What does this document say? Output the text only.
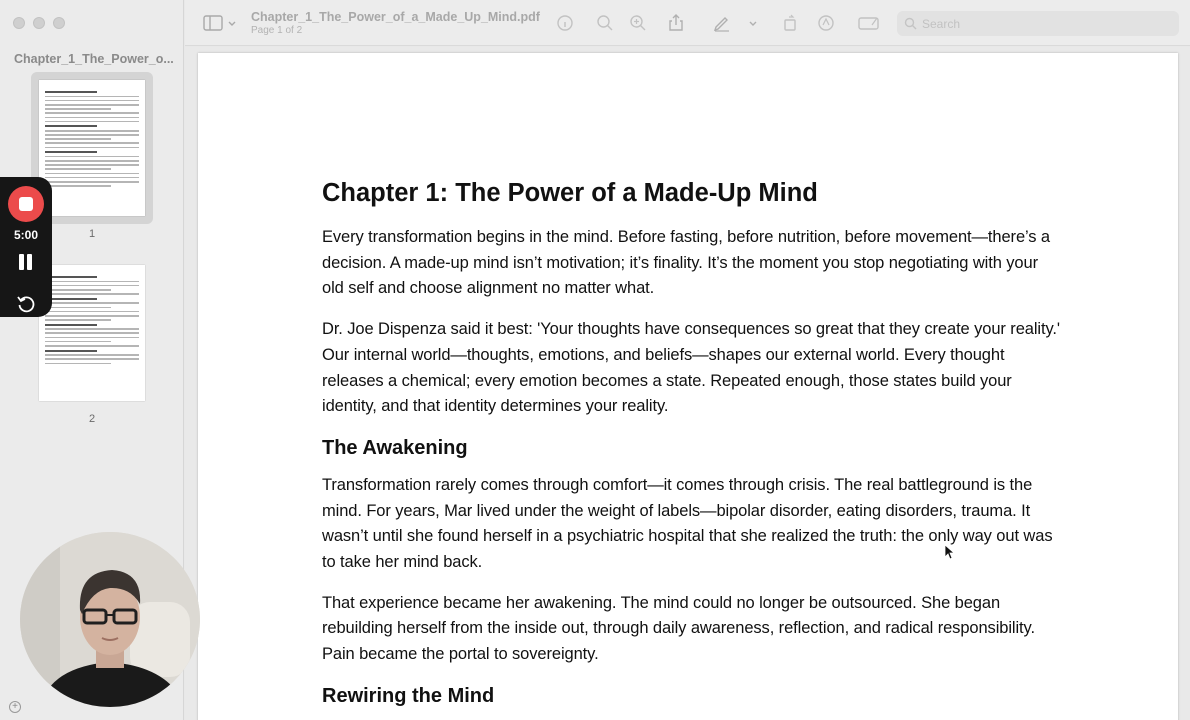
Chapter_1_The_Power_o...
1
2
+
Chapter_1_The_Power_of_a_Made_Up_Mind.pdf
Page 1 of 2	Search
Chapter 1: The Power of a Made-Up Mind

Every transformation begins in the mind. Before fasting, before nutrition, before movement—there’s a decision. A made-up mind isn’t motivation; it’s finality. It’s the moment you stop negotiating with your old self and choose alignment no matter what.

Dr. Joe Dispenza said it best: 'Your thoughts have consequences so great that they create your reality.' Our internal world—thoughts, emotions, and beliefs—shapes our external world. Every thought releases a chemical; every emotion becomes a state. Repeated enough, those states build your identity, and that identity determines your reality.

The Awakening

Transformation rarely comes through comfort—it comes through crisis. The real battleground is the mind. For years, Mar lived under the weight of labels—bipolar disorder, eating disorders, trauma. It wasn’t until she found herself in a psychiatric hospital that she realized the truth: the only way out was to take her mind back.

That experience became her awakening. The mind could no longer be outsourced. She began rebuilding herself from the inside out, through daily awareness, reflection, and radical responsibility. Pain became the portal to sovereignty.

Rewiring the Mind
5:00
